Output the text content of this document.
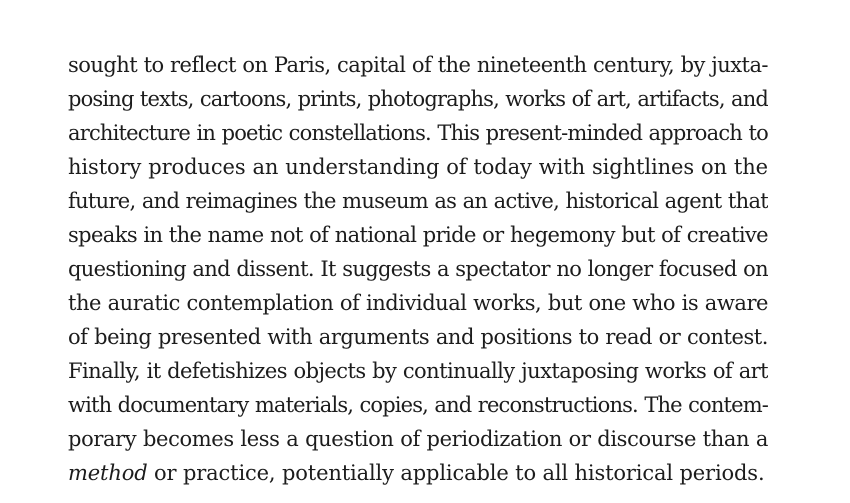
sought to reflect on Paris, capital of the nineteenth century, by juxta-
posing texts, cartoons, prints, photographs, works of art, artifacts, and
architecture in poetic constellations. This present-minded approach to
history produces an understanding of today with sightlines on the
future, and reimagines the museum as an active, historical agent that
speaks in the name not of national pride or hegemony but of creative
questioning and dissent. It suggests a spectator no longer focused on
the auratic contemplation of individual works, but one who is aware
of being presented with arguments and positions to read or contest.
Finally, it defetishizes objects by continually juxtaposing works of art
with documentary materials, copies, and reconstructions. The contem-
porary becomes less a question of periodization or discourse than a
method or practice, potentially applicable to all historical periods.
